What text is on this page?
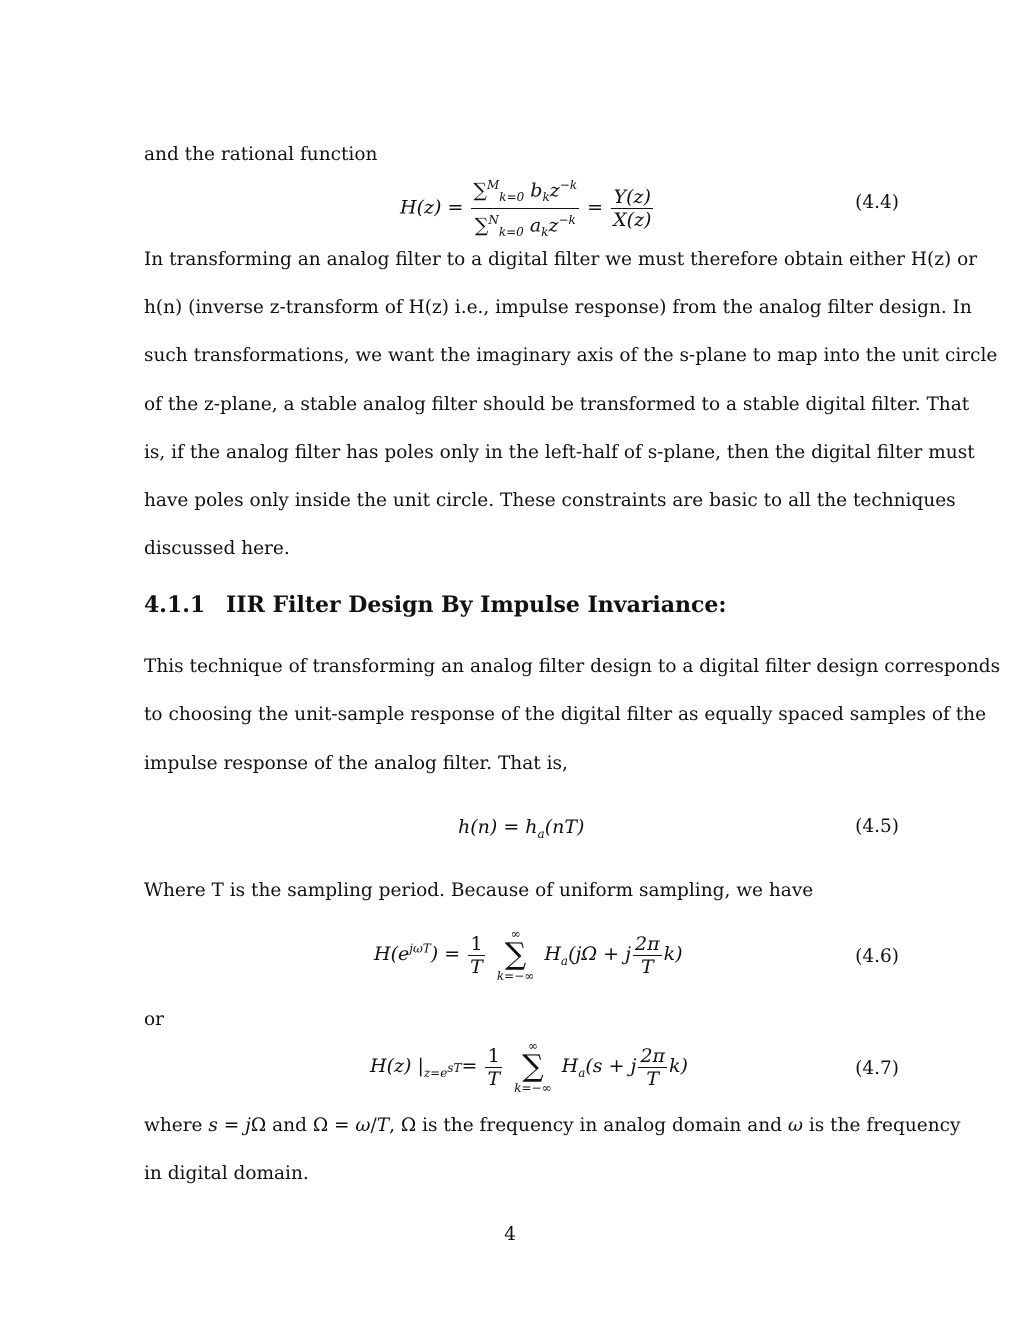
and the rational function
$H(z) = \frac{\sum^M_{k=0} b_kz^{-k}}{\sum^N_{k=0} a_kz^{-k}} = \frac{Y(z)}{X(z)}$	(4.4)
In transforming an analog filter to a digital filter we must therefore obtain either H(z) or
h(n) (inverse z-transform of H(z) i.e., impulse response) from the analog filter design. In
such transformations, we want the imaginary axis of the s-plane to map into the unit circle
of the z-plane, a stable analog filter should be transformed to a stable digital filter. That
is, if the analog filter has poles only in the left-half of s-plane, then the digital filter must
have poles only inside the unit circle. These constraints are basic to all the techniques
discussed here.
4.1.1 IIR Filter Design By Impulse Invariance:
This technique of transforming an analog filter design to a digital filter design corresponds
to choosing the unit-sample response of the digital filter as equally spaced samples of the
impulse response of the analog filter. That is,
$h(n) = h_a(nT)$	(4.5)
Where T is the sampling period. Because of uniform sampling, we have
$H(e^{j\omega T}) = \frac{1}{T}$
	∞
∑
k=−∞
$H_a(j\Omega + j \frac{2\pi}{T} k)$	(4.6)
or
H(z) $|_{z=e^{sT}}= \frac{1}{T}$
	∞
∑
k=−∞
$H_a(s + j \frac{2\pi}{T} k)$	(4.7)
where s = jΩ and Ω = ω/T, Ω is the frequency in analog domain and ω is the frequency
in digital domain.
4
